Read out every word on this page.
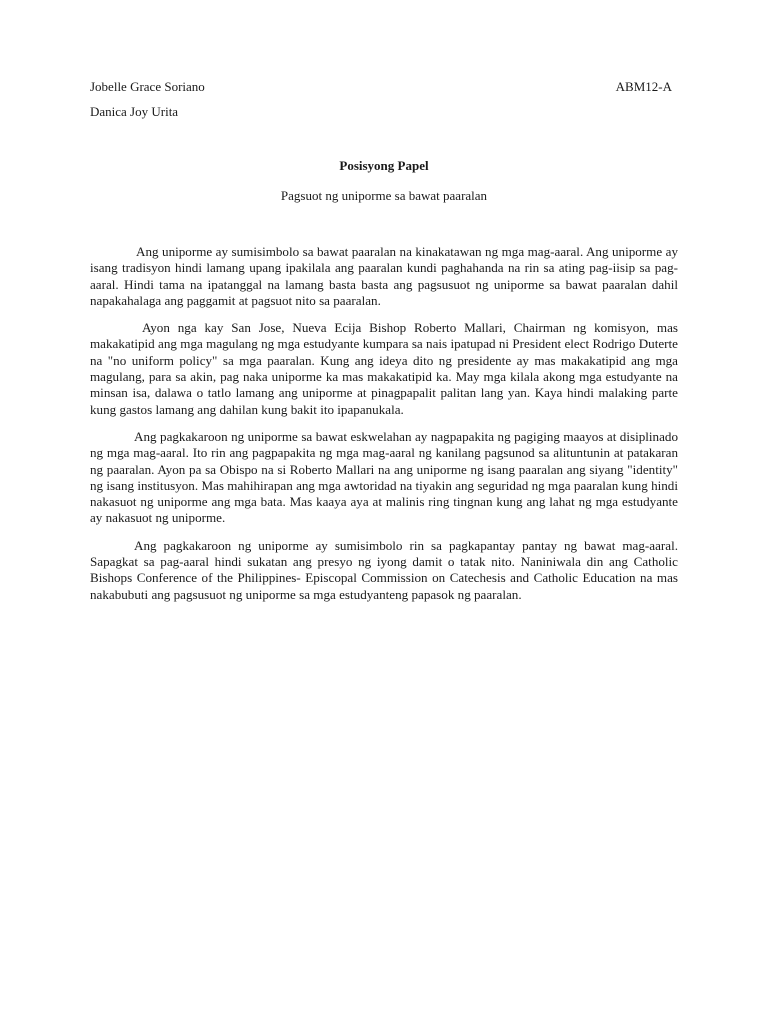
Jobelle Grace Soriano	ABM12-A
Danica Joy Urita
Posisyong Papel
Pagsuot ng uniporme sa bawat paaralan

Ang uniporme ay sumisimbolo sa bawat paaralan na kinakatawan ng mga mag-aaral. Ang uniporme ay isang tradisyon hindi lamang upang ipakilala ang paaralan kundi paghahanda na rin sa ating pag-iisip sa pag-aaral. Hindi tama na ipatanggal na lamang basta basta ang pagsusuot ng uniporme sa bawat paaralan dahil napakahalaga ang paggamit at pagsuot nito sa paaralan.

Ayon nga kay San Jose, Nueva Ecija Bishop Roberto Mallari, Chairman ng komisyon, mas makakatipid ang mga magulang ng mga estudyante kumpara sa nais ipatupad ni President elect Rodrigo Duterte na "no uniform policy" sa mga paaralan. Kung ang ideya dito ng presidente ay mas makakatipid ang mga magulang, para sa akin, pag naka uniporme ka mas makakatipid ka. May mga kilala akong mga estudyante na minsan isa, dalawa o tatlo lamang ang uniporme at pinagpapalit palitan lang yan. Kaya hindi malaking parte kung gastos lamang ang dahilan kung bakit ito ipapanukala.

Ang pagkakaroon ng uniporme sa bawat eskwelahan ay nagpapakita ng pagiging maayos at disiplinado ng mga mag-aaral. Ito rin ang pagpapakita ng mga mag-aaral ng kanilang pagsunod sa alituntunin at patakaran ng paaralan. Ayon pa sa Obispo na si Roberto Mallari na ang uniporme ng isang paaralan ang siyang "identity" ng isang institusyon. Mas mahihirapan ang mga awtoridad na tiyakin ang seguridad ng mga paaralan kung hindi nakasuot ng uniporme ang mga bata. Mas kaaya aya at malinis ring tingnan kung ang lahat ng mga estudyante ay nakasuot ng uniporme.

Ang pagkakaroon ng uniporme ay sumisimbolo rin sa pagkapantay pantay ng bawat mag-aaral. Sapagkat sa pag-aaral hindi sukatan ang presyo ng iyong damit o tatak nito. Naniniwala din ang Catholic Bishops Conference of the Philippines- Episcopal Commission on Catechesis and Catholic Education na mas nakabubuti ang pagsusuot ng uniporme sa mga estudyanteng papasok ng paaralan.
